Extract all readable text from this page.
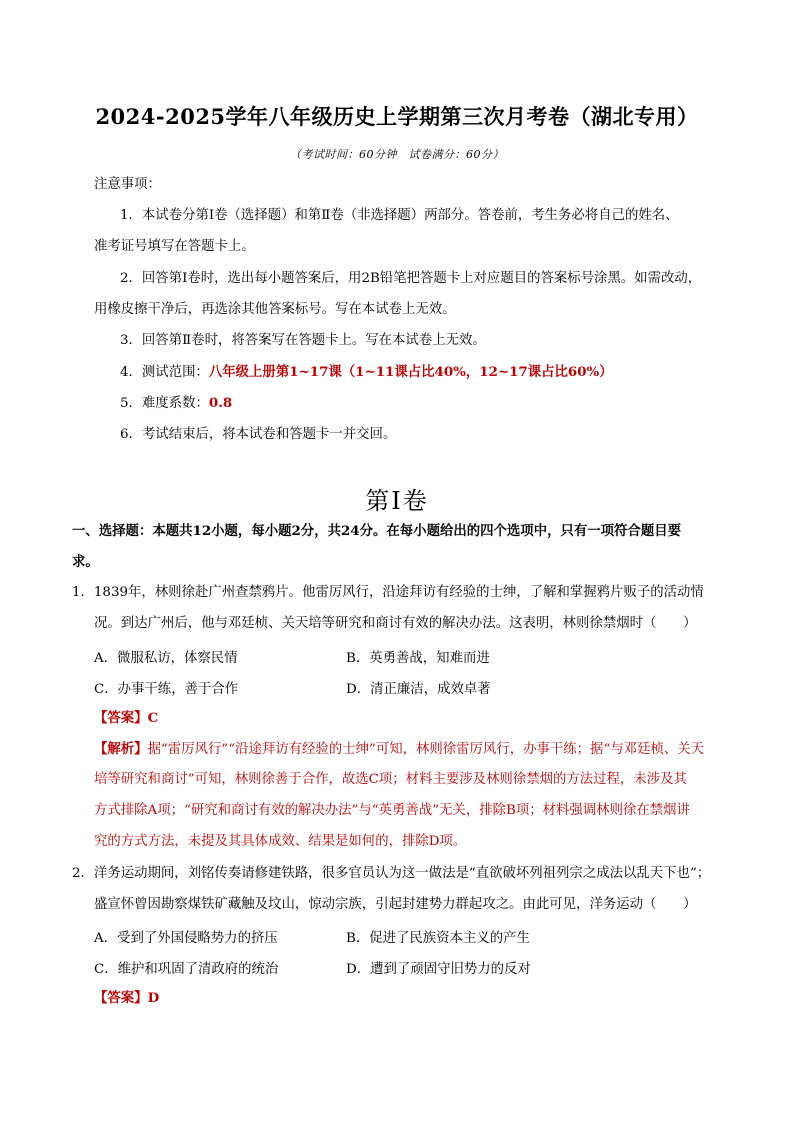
2024-2025学年八年级历史上学期第三次月考卷（湖北专用）
（考试时间：60分钟　试卷满分：60分）
注意事项：
1．本试卷分第Ⅰ卷（选择题）和第Ⅱ卷（非选择题）两部分。答卷前，考生务必将自己的姓名、
准考证号填写在答题卡上。
2．回答第Ⅰ卷时，选出每小题答案后，用2B铅笔把答题卡上对应题目的答案标号涂黑。如需改动，
用橡皮擦干净后，再选涂其他答案标号。写在本试卷上无效。
3．回答第Ⅱ卷时，将答案写在答题卡上。写在本试卷上无效。
4．测试范围：八年级上册第1~17课（1~11课占比40%，12~17课占比60%）
5．难度系数：0.8
6．考试结束后，将本试卷和答题卡一并交回。
第Ⅰ卷
一、选择题：本题共12小题，每小题2分，共24分。在每小题给出的四个选项中，只有一项符合题目要
求。
1．1839年，林则徐赴广州查禁鸦片。他雷厉风行，沿途拜访有经验的士绅，了解和掌握鸦片贩子的活动情
况。到达广州后，他与邓廷桢、关天培等研究和商讨有效的解决办法。这表明，林则徐禁烟时（　　）
A．微服私访，体察民情	B．英勇善战，知难而进
C．办事干练，善于合作	D．清正廉洁，成效卓著
【答案】C
【解析】据“雷厉风行”“沿途拜访有经验的士绅”可知，林则徐雷厉风行，办事干练；据“与邓廷桢、关天
培等研究和商讨”可知，林则徐善于合作，故选C项；材料主要涉及林则徐禁烟的方法过程，未涉及其
方式排除A项；“研究和商讨有效的解决办法”与“英勇善战”无关，排除B项；材料强调林则徐在禁烟讲
究的方式方法，未提及其具体成效、结果是如何的，排除D项。
2．洋务运动期间，刘铭传奏请修建铁路，很多官员认为这一做法是“直欲破坏列祖列宗之成法以乱天下也”；
盛宣怀曾因勘察煤铁矿藏触及坟山，惊动宗族，引起封建势力群起攻之。由此可见，洋务运动（　　）
A．受到了外国侵略势力的挤压	B．促进了民族资本主义的产生
C．维护和巩固了清政府的统治	D．遭到了顽固守旧势力的反对
【答案】D
